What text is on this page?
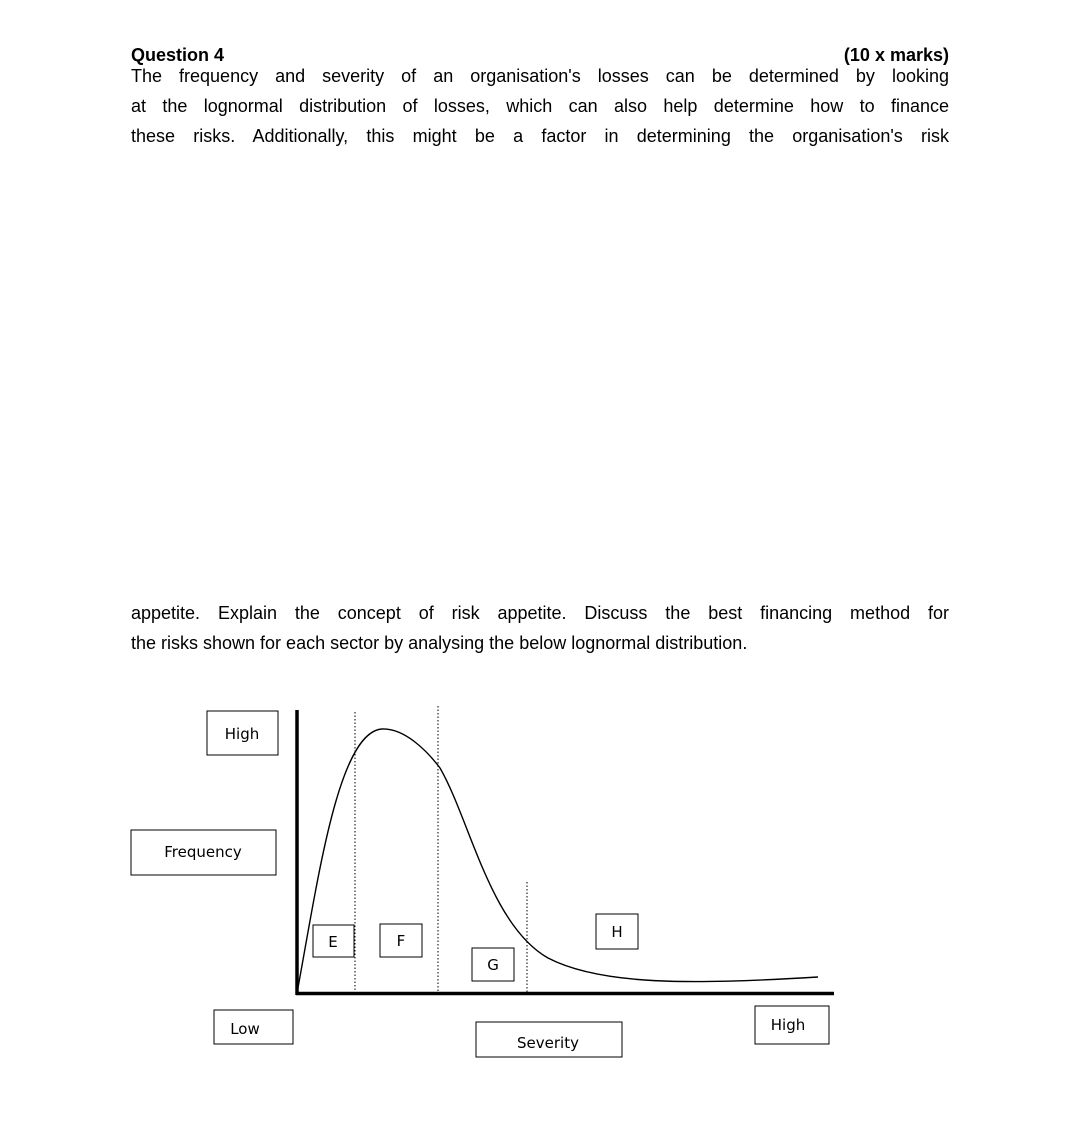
Question 4	(10 x marks)
The frequency and severity of an organisation's losses can be determined by looking
at the lognormal distribution of losses, which can also help determine how to finance
these risks. Additionally, this might be a factor in determining the organisation's risk
appetite. Explain the concept of risk appetite. Discuss the best financing method for
the risks shown for each sector by analysing the below lognormal distribution.
High
Frequency
E	F
G
H
Low
Severity
High
